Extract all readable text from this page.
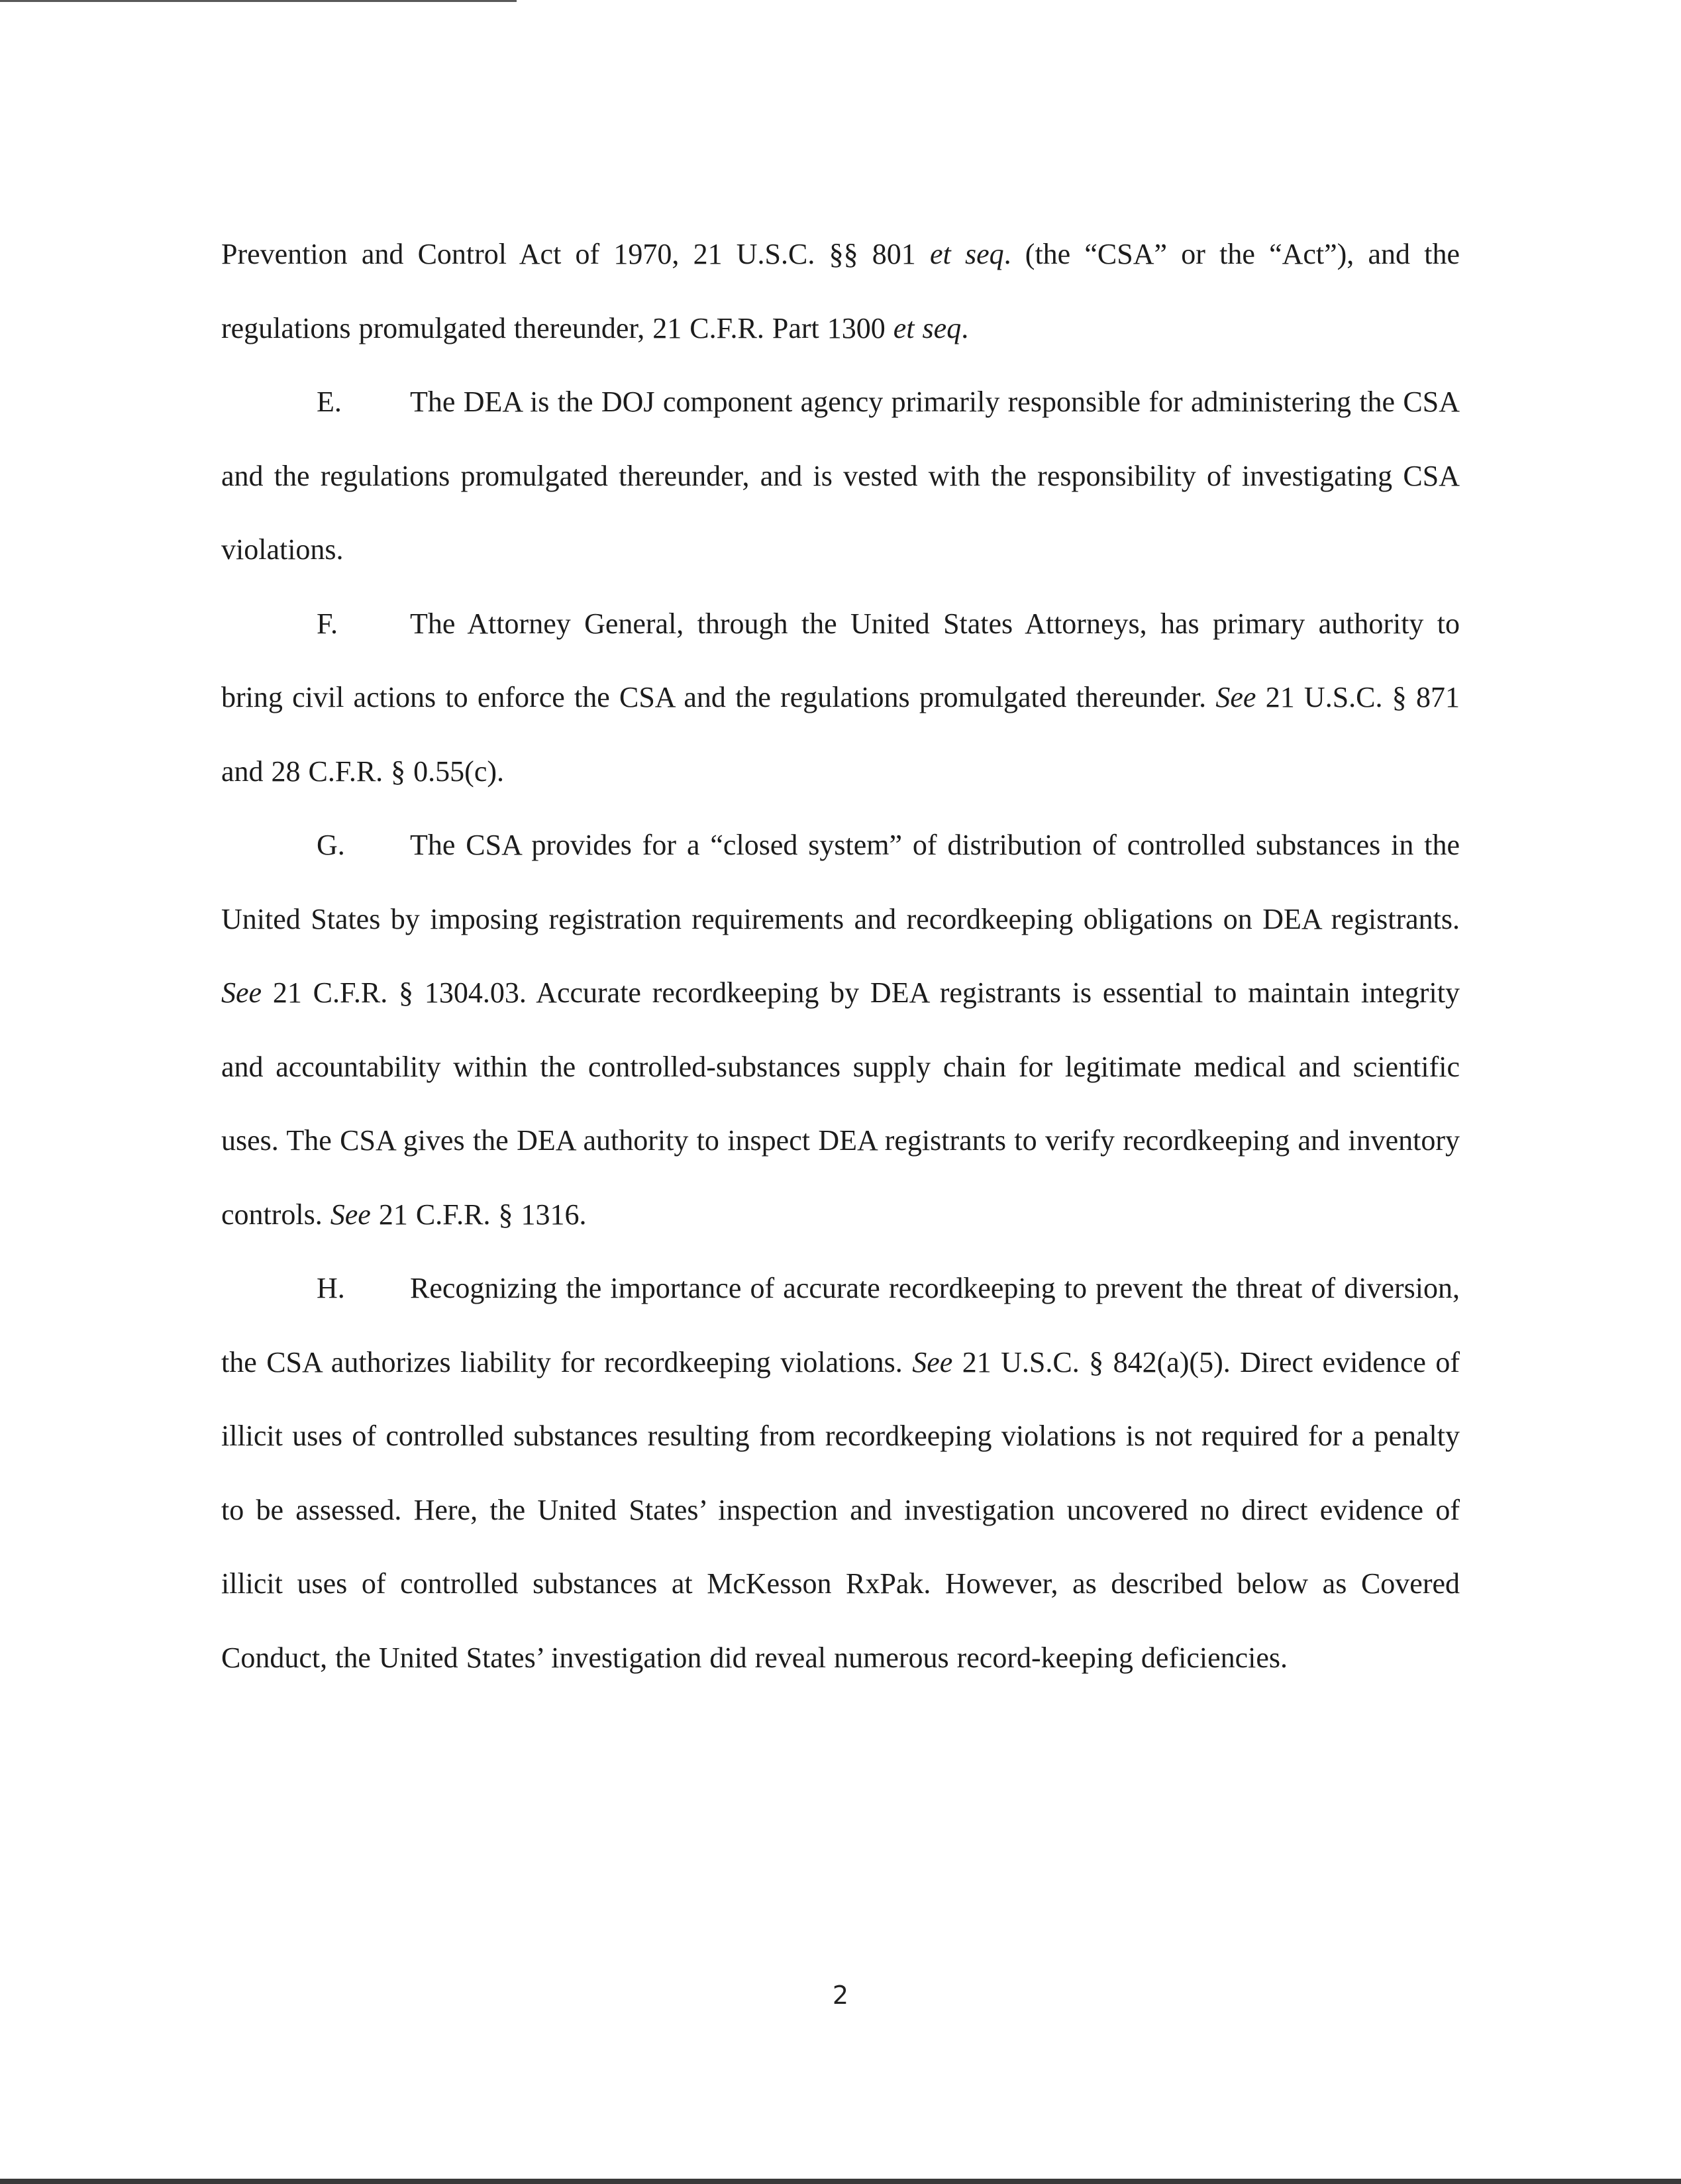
Prevention and Control Act of 1970, 21 U.S.C. §§ 801 et seq. (the “CSA” or the “Act”), and the regulations promulgated thereunder, 21 C.F.R. Part 1300 et seq.

E. The DEA is the DOJ component agency primarily responsible for administering the CSA and the regulations promulgated thereunder, and is vested with the responsibility of investigating CSA violations.

F. The Attorney General, through the United States Attorneys, has primary authority to bring civil actions to enforce the CSA and the regulations promulgated thereunder. See 21 U.S.C. § 871 and 28 C.F.R. § 0.55(c).

G. The CSA provides for a “closed system” of distribution of controlled substances in the United States by imposing registration requirements and recordkeeping obligations on DEA registrants. See 21 C.F.R. § 1304.03. Accurate recordkeeping by DEA registrants is essential to maintain integrity and accountability within the controlled-substances supply chain for legitimate medical and scientific uses. The CSA gives the DEA authority to inspect DEA registrants to verify recordkeeping and inventory controls. See 21 C.F.R. § 1316.

H. Recognizing the importance of accurate recordkeeping to prevent the threat of diversion, the CSA authorizes liability for recordkeeping violations. See 21 U.S.C. § 842(a)(5). Direct evidence of illicit uses of controlled substances resulting from recordkeeping violations is not required for a penalty to be assessed. Here, the United States’ inspection and investigation uncovered no direct evidence of illicit uses of controlled substances at McKesson RxPak. However, as described below as Covered Conduct, the United States’ investigation did reveal numerous record-keeping deficiencies.

2
